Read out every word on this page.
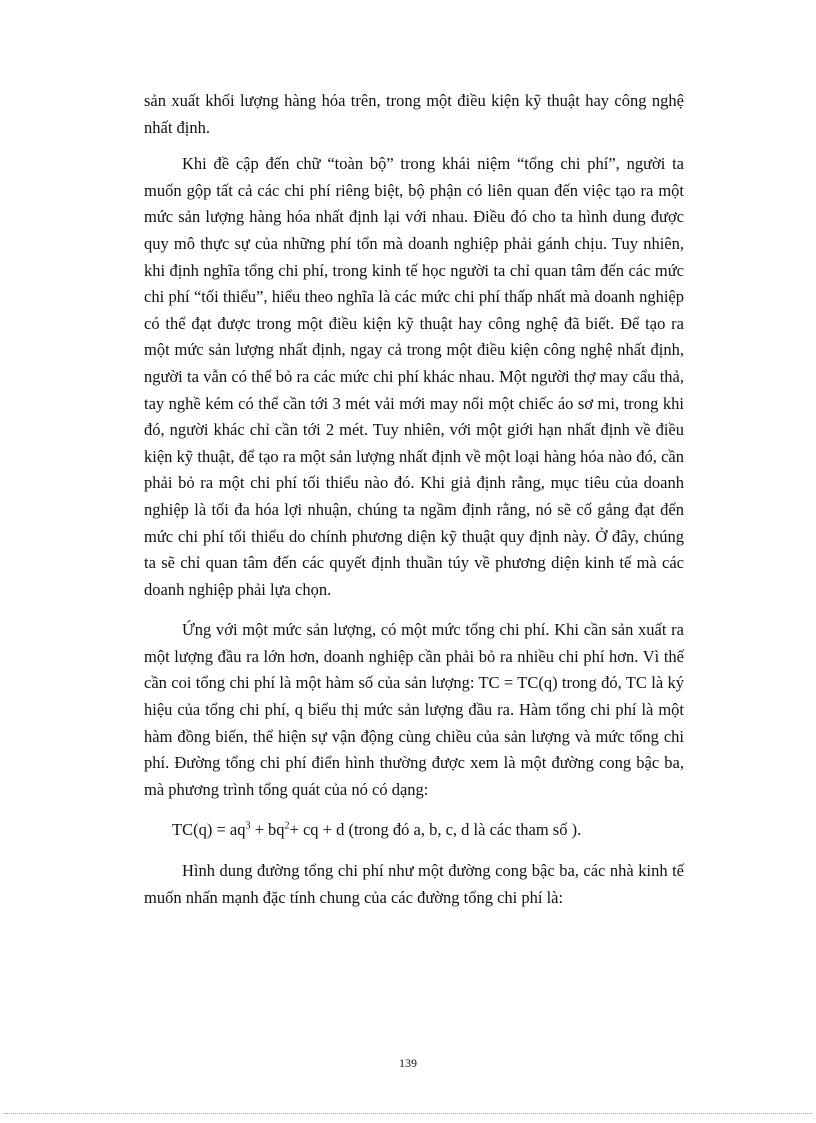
sản xuất khối lượng hàng hóa trên, trong một điều kiện kỹ thuật hay công nghệ nhất định.

Khi đề cập đến chữ “toàn bộ” trong khái niệm “tổng chi phí”, người ta muốn gộp tất cả các chi phí riêng biệt, bộ phận có liên quan đến việc tạo ra một mức sản lượng hàng hóa nhất định lại với nhau. Điều đó cho ta hình dung được quy mô thực sự của những phí tổn mà doanh nghiệp phải gánh chịu. Tuy nhiên, khi định nghĩa tổng chi phí, trong kinh tế học người ta chỉ quan tâm đến các mức chi phí “tối thiểu”, hiểu theo nghĩa là các mức chi phí thấp nhất mà doanh nghiệp có thể đạt được trong một điều kiện kỹ thuật hay công nghệ đã biết. Để tạo ra một mức sản lượng nhất định, ngay cả trong một điều kiện công nghệ nhất định, người ta vẫn có thể bỏ ra các mức chi phí khác nhau. Một người thợ may cẩu thả, tay nghề kém có thể cần tới 3 mét vải mới may nổi một chiếc áo sơ mi, trong khi đó, người khác chỉ cần tới 2 mét. Tuy nhiên, với một giới hạn nhất định về điều kiện kỹ thuật, để tạo ra một sản lượng nhất định về một loại hàng hóa nào đó, cần phải bỏ ra một chi phí tối thiểu nào đó. Khi giả định rằng, mục tiêu của doanh nghiệp là tối đa hóa lợi nhuận, chúng ta ngầm định rằng, nó sẽ cố gắng đạt đến mức chi phí tối thiểu do chính phương diện kỹ thuật quy định này. Ở đây, chúng ta sẽ chỉ quan tâm đến các quyết định thuần túy về phương diện kinh tế mà các doanh nghiệp phải lựa chọn.

Ứng với một mức sản lượng, có một mức tổng chi phí. Khi cần sản xuất ra một lượng đầu ra lớn hơn, doanh nghiệp cần phải bỏ ra nhiều chi phí hơn. Vì thế cần coi tổng chi phí là một hàm số của sản lượng: TC = TC(q) trong đó, TC là ký hiệu của tổng chi phí, q biểu thị mức sản lượng đầu ra. Hàm tổng chi phí là một hàm đồng biến, thể hiện sự vận động cùng chiều của sản lượng và mức tổng chi phí. Đường tổng chi phí điển hình thường được xem là một đường cong bậc ba, mà phương trình tổng quát của nó có dạng:

$TC(q) = aq^3 + bq^2+$ cq + d (trong đó a, b, c, d là các tham số ).

Hình dung đường tổng chi phí như một đường cong bậc ba, các nhà kinh tế muốn nhấn mạnh đặc tính chung của các đường tổng chi phí là:

139
